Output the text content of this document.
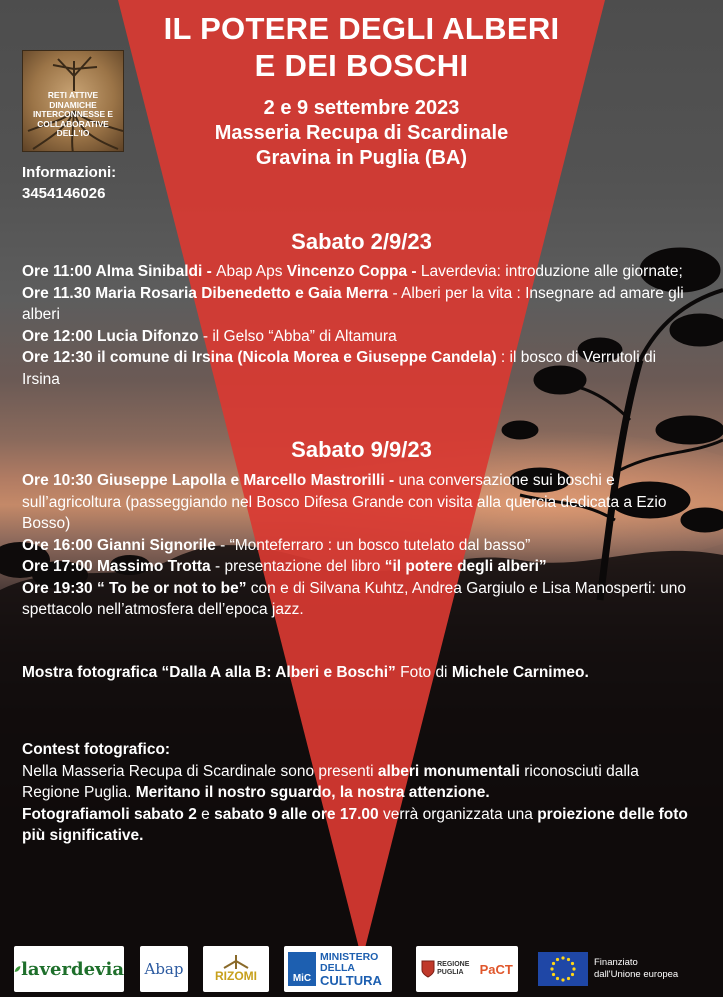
IL POTERE DEGLI ALBERI
E DEI BOSCHI
2 e 9 settembre 2023
Masseria Recupa di Scardinale
Gravina in Puglia (BA)
RETI ATTIVE
DINAMICHE
INTERCONNESSE E
COLLABORATIVE
DELL'IO
Informazioni:
3454146026
Sabato 2/9/23

Ore 11:00 Alma Sinibaldi - Abap Aps Vincenzo Coppa - Laverdevia: introduzione alle giornate;

Ore 11.30 Maria Rosaria Dibenedetto e Gaia Merra - Alberi per la vita : Insegnare ad amare gli alberi

Ore 12:00 Lucia Difonzo - il Gelso “Abba” di Altamura

Ore 12:30 il comune di Irsina (Nicola Morea e Giuseppe Candela) : il bosco di Verrutoli di Irsina

Sabato 9/9/23

Ore 10:30 Giuseppe Lapolla e Marcello Mastrorilli - una conversazione sui boschi e sull’agricoltura (passeggiando nel Bosco Difesa Grande con visita alla quercia dedicata a Ezio Bosso)

Ore 16:00 Gianni Signorile - “Monteferraro : un bosco tutelato dal basso”

Ore 17:00 Massimo Trotta - presentazione del libro “il potere degli alberi”

Ore 19:30 “ To be or not to be” con e di Silvana Kuhtz, Andrea Gargiulo e Lisa Manosperti: uno spettacolo nell’atmosfera dell’epoca jazz.

Mostra fotografica “Dalla A alla B: Alberi e Boschi” Foto di Michele Carnimeo.

Contest fotografico:

Nella Masseria Recupa di Scardinale sono presenti alberi monumentali riconosciuti dalla Regione Puglia. Meritano il nostro sguardo, la nostra attenzione.

Fotografiamoli sabato 2 e sabato 9 alle ore 17.00 verrà organizzata una proiezione delle foto più significative.

laverdevia Abap	RIZOMI	MiC
MINISTERO
DELLA
CULTURA
REGIONE
PUGLIA	PaCT	Finanziato
dall'Unione europea
